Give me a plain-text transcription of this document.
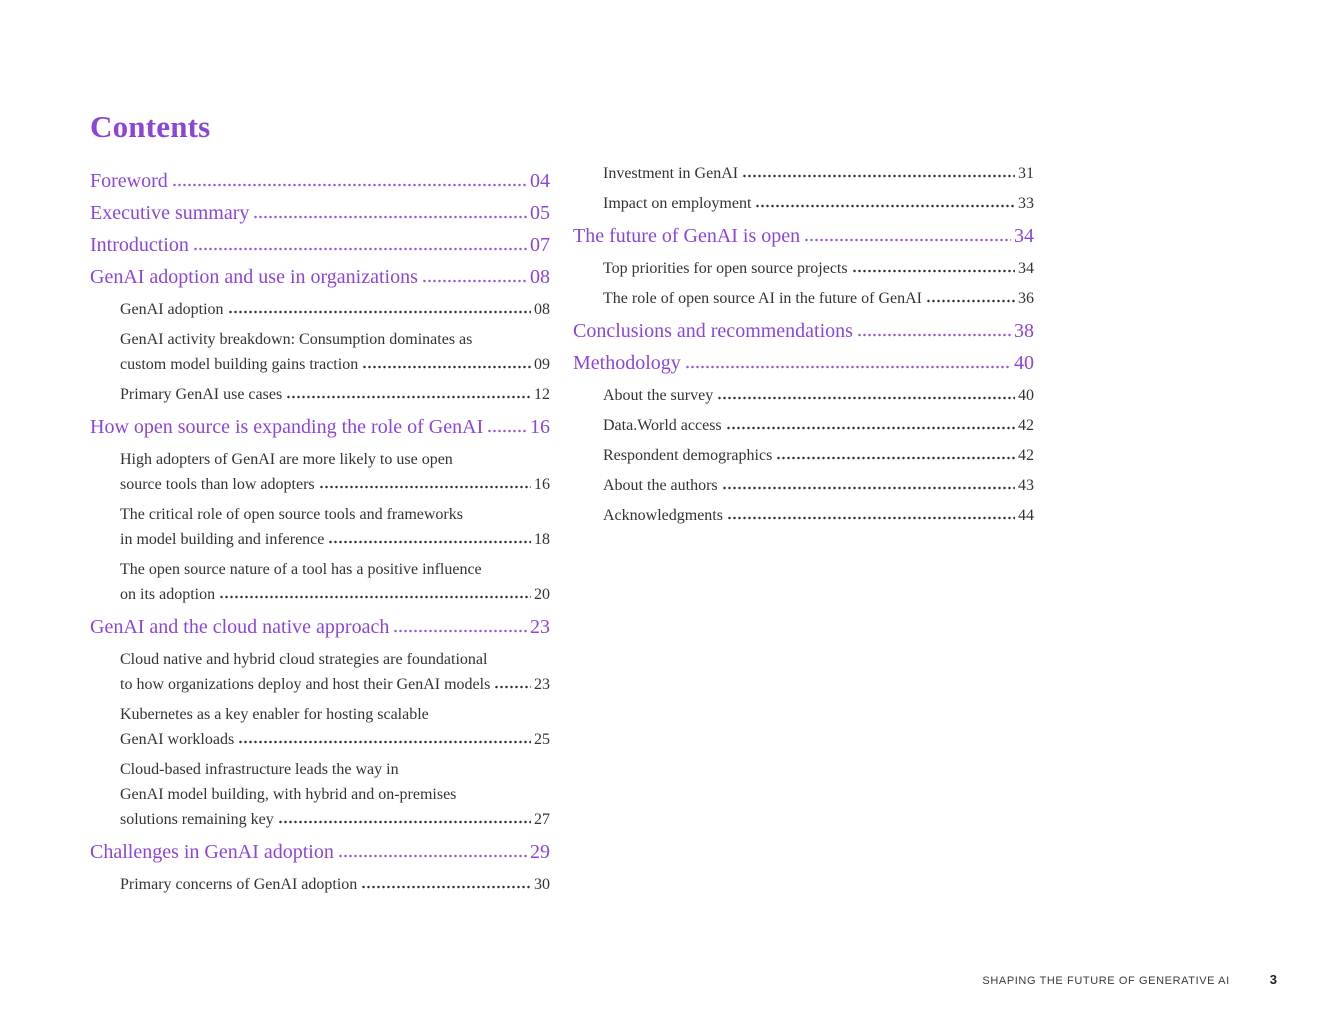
Contents
Foreword	04
Executive summary	05
Introduction	07
GenAI adoption and use in organizations	08
GenAI adoption	08
GenAI activity breakdown: Consumption dominates as
custom model building gains traction	09
Primary GenAI use cases	12
How open source is expanding the role of GenAI 16
High adopters of GenAI are more likely to use open
source tools than low adopters	16
The critical role of open source tools and frameworks
in model building and inference	18
The open source nature of a tool has a positive influence
on its adoption	20
GenAI and the cloud native approach	23
Cloud native and hybrid cloud strategies are foundational
to how organizations deploy and host their GenAI models	23
Kubernetes as a key enabler for hosting scalable
GenAI workloads	25
Cloud-based infrastructure leads the way in
GenAI model building, with hybrid and on-premises
solutions remaining key	27
Challenges in GenAI adoption	29
Primary concerns of GenAI adoption	30
Investment in GenAI	31
Impact on employment	33
The future of GenAI is open	34
Top priorities for open source projects	34
The role of open source AI in the future of GenAI	36
Conclusions and recommendations	38
Methodology	40
About the survey	40
Data.World access	42
Respondent demographics	42
About the authors	43
Acknowledgments	44
SHAPING THE FUTURE OF GENERATIVE AI	3
